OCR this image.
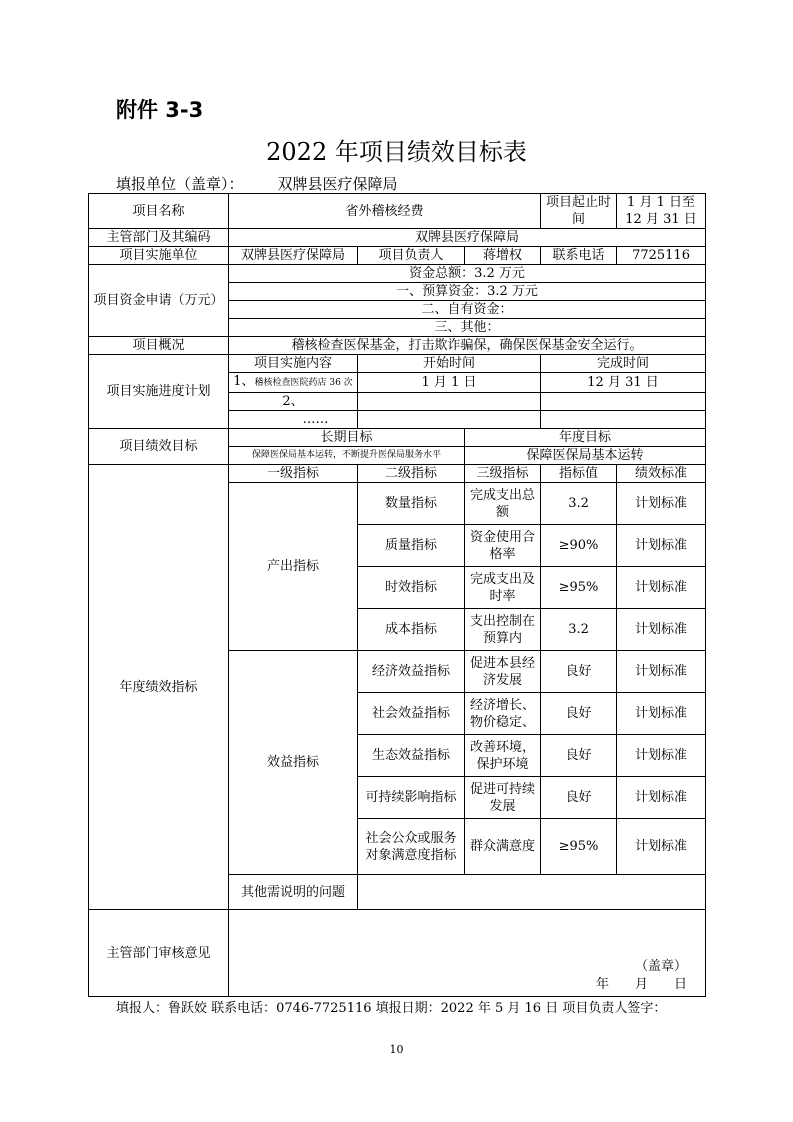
附件 3-3
2022 年项目绩效目标表
填报单位（盖章）： 双牌县医疗保障局
项目名称	省外稽核经费			项目起止时间	1 月 1 日至 12 月 31 日
主管部门及其编码	双牌县医疗保障局				
项目实施单位	双牌县医疗保障局	项目负责人	蒋增权	联系电话	7725116
项目资金申请（万元）	资金总额：3.2 万元				
	一、预算资金：3.2 万元				
	二、自有资金：				
	三、其他：				
项目概况	稽核检查医保基金，打击欺诈骗保，确保医保基金安全运行。				
项目实施进度计划	项目实施内容	开始时间		完成时间	
	1、稽核检查医院药店 36 次	1 月 1 日		12 月 31 日	
	2、				
	……				
项目绩效目标	长期目标		年度目标		
	保障医保局基本运转，不断提升医保局服务水平		保障医保局基本运转		
年度绩效指标	一级指标	二级指标	三级指标	指标值	绩效标准
	产出指标	数量指标	完成支出总额	3.2	计划标准
		质量指标	资金使用合格率	≥90%	计划标准
		时效指标	完成支出及时率	≥95%	计划标准
		成本指标	支出控制在预算内	3.2	计划标准
	效益指标	经济效益指标	促进本县经济发展	良好	计划标准
		社会效益指标	经济增长、物价稳定、	良好	计划标准
		生态效益指标	改善环境，保护环境	良好	计划标准
		可持续影响指标	促进可持续发展	良好	计划标准
		社会公众或服务对象满意度指标	群众满意度	≥95%	计划标准
	其他需说明的问题				
主管部门审核意见	（盖章）
年　　月　　日				
填报人：鲁跃姣 联系电话：0746-7725116 填报日期：2022 年 5 月 16 日 项目负责人签字：
10
